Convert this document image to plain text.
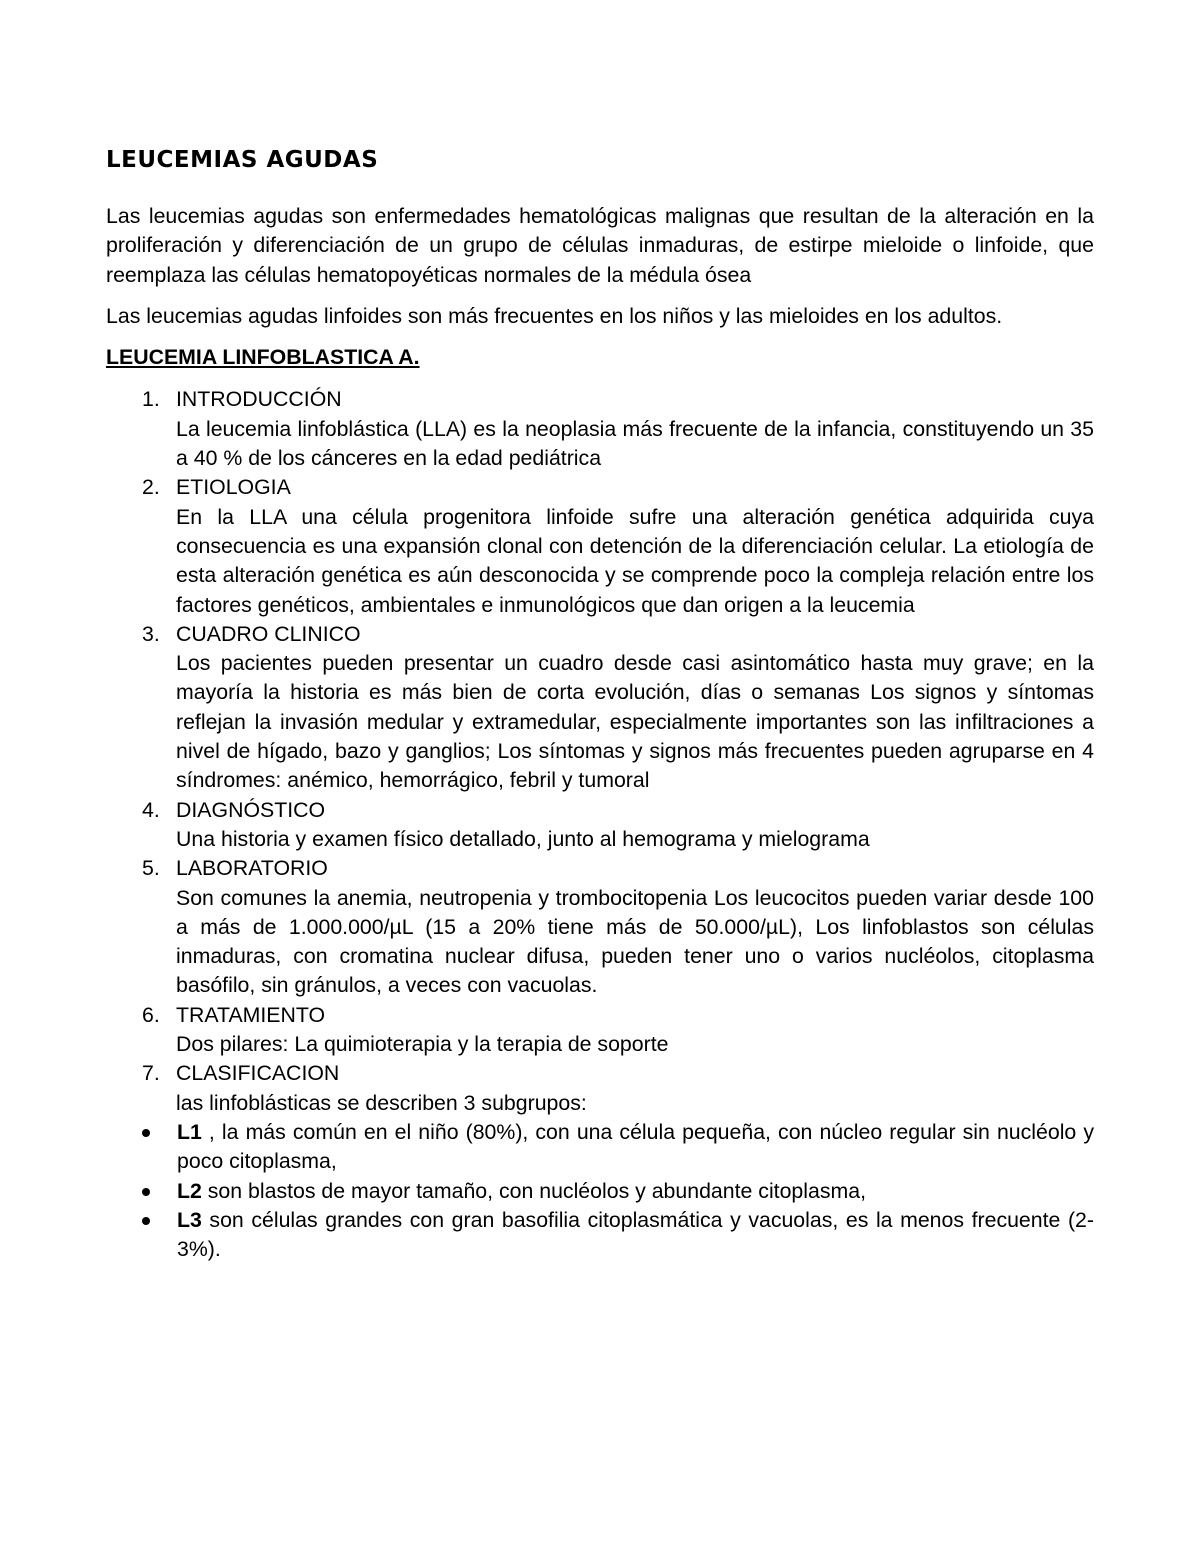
LEUCEMIAS AGUDAS

Las leucemias agudas son enfermedades hematológicas malignas que resultan de la alteración en la proliferación y diferenciación de un grupo de células inmaduras, de estirpe mieloide o linfoide, que reemplaza las células hematopoyéticas normales de la médula ósea

Las leucemias agudas linfoides son más frecuentes en los niños y las mieloides en los adultos.

LEUCEMIA LINFOBLASTICA A.
1. INTRODUCCIÓN
La leucemia linfoblástica (LLA) es la neoplasia más frecuente de la infancia, constituyendo un 35 a 40 % de los cánceres en la edad pediátrica
2. ETIOLOGIA
En la LLA una célula progenitora linfoide sufre una alteración genética adquirida cuya consecuencia es una expansión clonal con detención de la diferenciación celular. La etiología de esta alteración genética es aún desconocida y se comprende poco la compleja relación entre los factores genéticos, ambientales e inmunológicos que dan origen a la leucemia
3. CUADRO CLINICO
Los pacientes pueden presentar un cuadro desde casi asintomático hasta muy grave; en la mayoría la historia es más bien de corta evolución, días o semanas Los signos y síntomas reflejan la invasión medular y extramedular, especialmente importantes son las infiltraciones a nivel de hígado, bazo y ganglios; Los síntomas y signos más frecuentes pueden agruparse en 4 síndromes: anémico, hemorrágico, febril y tumoral
4. DIAGNÓSTICO
Una historia y examen físico detallado, junto al hemograma y mielograma
5. LABORATORIO
Son comunes la anemia, neutropenia y trombocitopenia Los leucocitos pueden variar desde 100 a más de 1.000.000/µL (15 a 20% tiene más de 50.000/µL), Los linfoblastos son células inmaduras, con cromatina nuclear difusa, pueden tener uno o varios nucléolos, citoplasma basófilo, sin gránulos, a veces con vacuolas.
6. TRATAMIENTO
Dos pilares: La quimioterapia y la terapia de soporte
7. CLASIFICACION
las linfoblásticas se describen 3 subgrupos:
L1 , la más común en el niño (80%), con una célula pequeña, con núcleo regular sin nucléolo y poco citoplasma,
L2 son blastos de mayor tamaño, con nucléolos y abundante citoplasma,
L3 son células grandes con gran basofilia citoplasmática y vacuolas, es la menos frecuente (2-3%).
